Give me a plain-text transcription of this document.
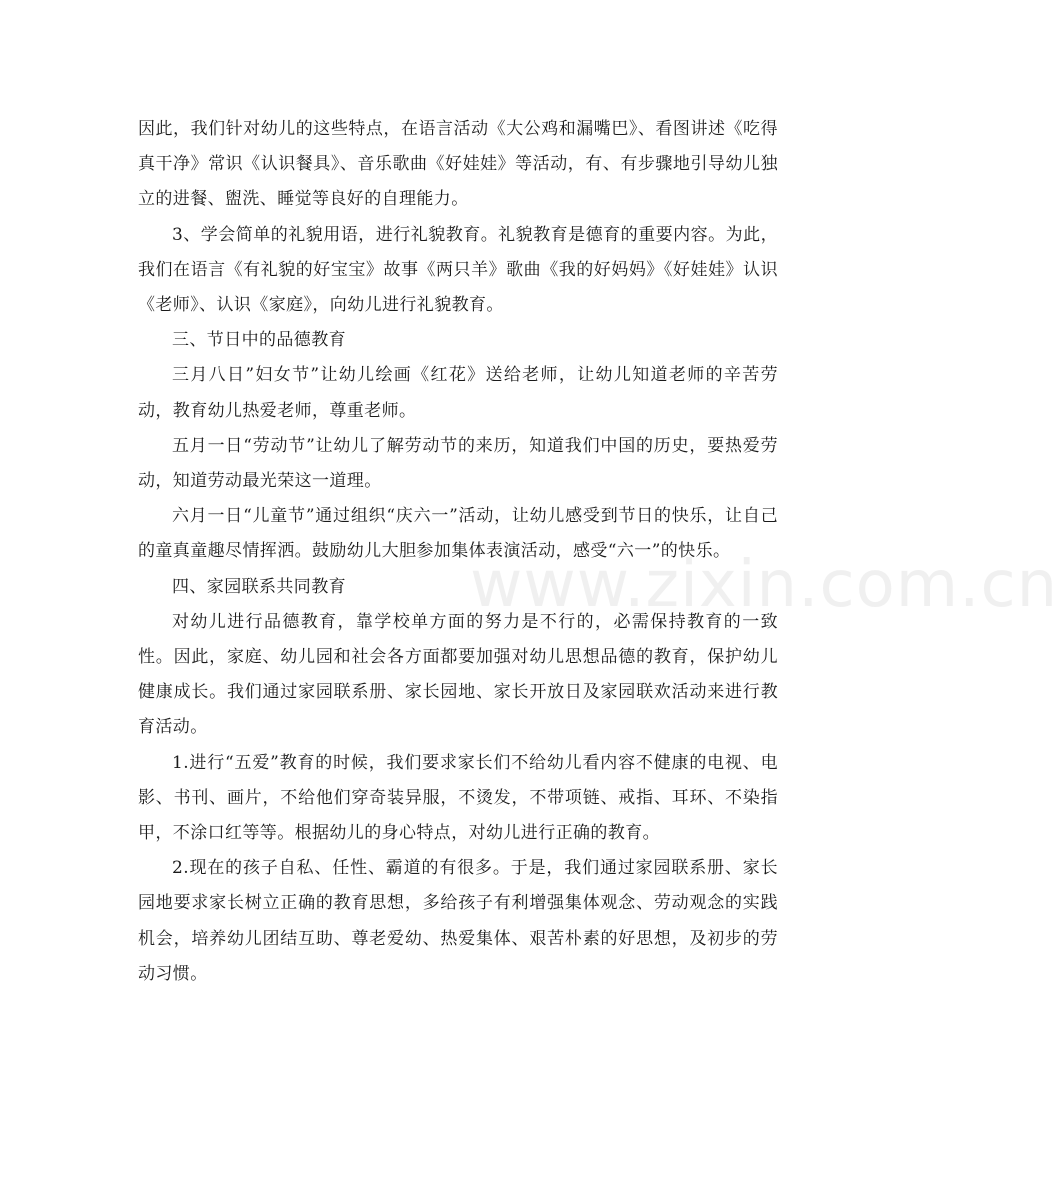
因此，我们针对幼儿的这些特点，在语言活动《大公鸡和漏嘴巴》、看图讲述《吃得真干净》常识《认识餐具》、音乐歌曲《好娃娃》等活动，有、有步骤地引导幼儿独立的进餐、盥洗、睡觉等良好的自理能力。

3、学会简单的礼貌用语，进行礼貌教育。礼貌教育是德育的重要内容。为此，我们在语言《有礼貌的好宝宝》故事《两只羊》歌曲《我的好妈妈》《好娃娃》认识《老师》、认识《家庭》，向幼儿进行礼貌教育。

三、节日中的品德教育

三月八日”妇女节”让幼儿绘画《红花》送给老师，让幼儿知道老师的辛苦劳动，教育幼儿热爱老师，尊重老师。

五月一日“劳动节”让幼儿了解劳动节的来历，知道我们中国的历史，要热爱劳动，知道劳动最光荣这一道理。

六月一日“儿童节”通过组织“庆六一”活动，让幼儿感受到节日的快乐，让自己的童真童趣尽情挥洒。鼓励幼儿大胆参加集体表演活动，感受“六一”的快乐。

四、家园联系共同教育

对幼儿进行品德教育，靠学校单方面的努力是不行的，必需保持教育的一致性。因此，家庭、幼儿园和社会各方面都要加强对幼儿思想品德的教育，保护幼儿健康成长。我们通过家园联系册、家长园地、家长开放日及家园联欢活动来进行教育活动。

1.进行“五爱”教育的时候，我们要求家长们不给幼儿看内容不健康的电视、电影、书刊、画片，不给他们穿奇装异服，不烫发，不带项链、戒指、耳环、不染指甲，不涂口红等等。根据幼儿的身心特点，对幼儿进行正确的教育。

2.现在的孩子自私、任性、霸道的有很多。于是，我们通过家园联系册、家长园地要求家长树立正确的教育思想，多给孩子有利增强集体观念、劳动观念的实践机会，培养幼儿团结互助、尊老爱幼、热爱集体、艰苦朴素的好思想，及初步的劳动习惯。

www.zixin.com.cn
